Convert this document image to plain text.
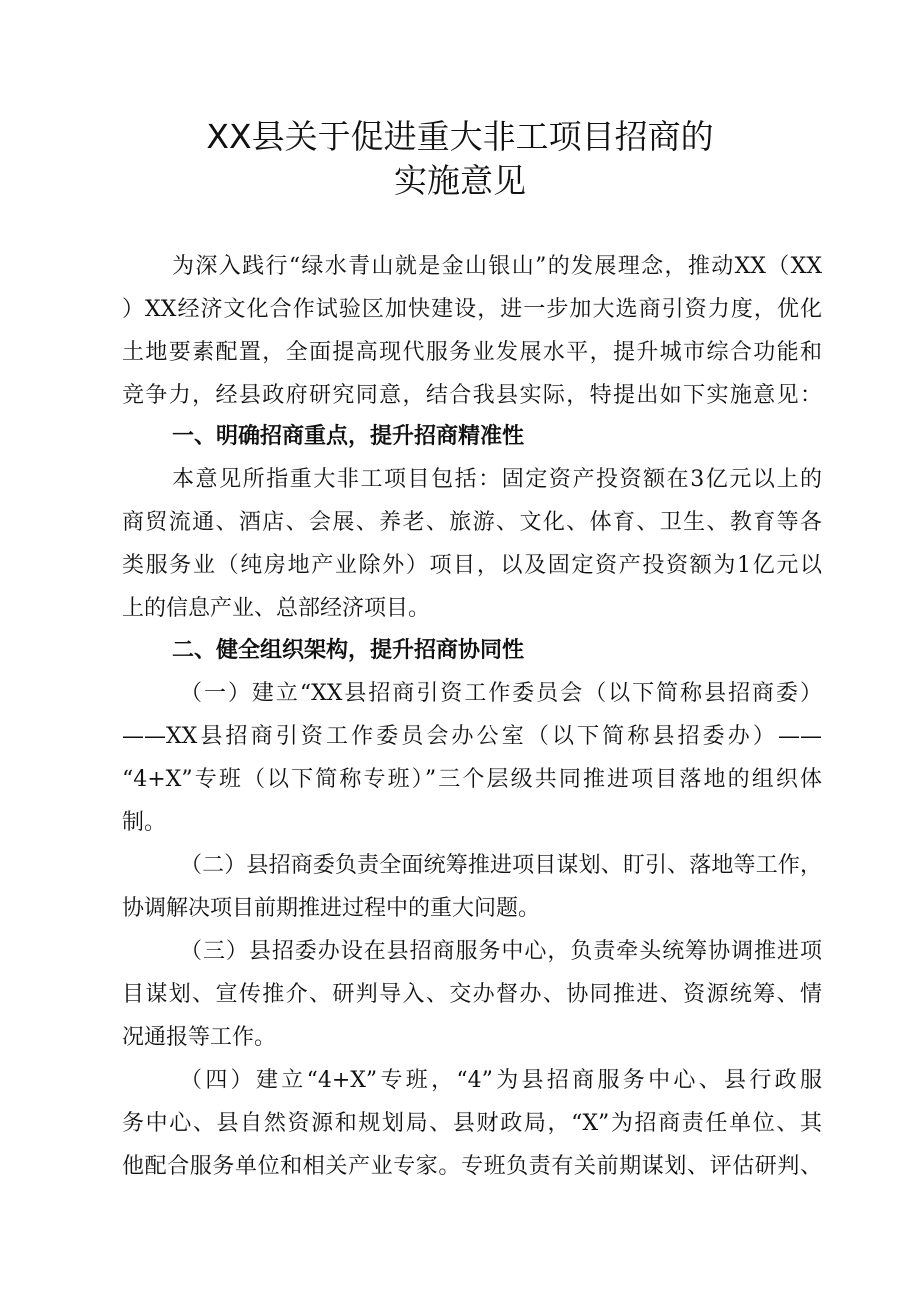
XX县关于促进重大非工项目招商的
实施意见
为深入践行“绿水青山就是金山银山”的发展理念，推动XX（XX
）XX经济文化合作试验区加快建设，进一步加大选商引资力度，优化
土地要素配置，全面提高现代服务业发展水平，提升城市综合功能和
竞争力，经县政府研究同意，结合我县实际，特提出如下实施意见：
一、明确招商重点，提升招商精准性
本意见所指重大非工项目包括：固定资产投资额在3亿元以上的
商贸流通、酒店、会展、养老、旅游、文化、体育、卫生、教育等各
类服务业（纯房地产业除外）项目，以及固定资产投资额为1亿元以
上的信息产业、总部经济项目。
二、健全组织架构，提升招商协同性
（一）建立“XX县招商引资工作委员会（以下简称县招商委）
——XX县招商引资工作委员会办公室（以下简称县招委办）——
“4+X”专班（以下简称专班）”三个层级共同推进项目落地的组织体
制。
（二）县招商委负责全面统筹推进项目谋划、盯引、落地等工作，
协调解决项目前期推进过程中的重大问题。
（三）县招委办设在县招商服务中心，负责牵头统筹协调推进项
目谋划、宣传推介、研判导入、交办督办、协同推进、资源统筹、情
况通报等工作。
（四）建立“4+X”专班，“4”为县招商服务中心、县行政服
务中心、县自然资源和规划局、县财政局，“X”为招商责任单位、其
他配合服务单位和相关产业专家。专班负责有关前期谋划、评估研判、
